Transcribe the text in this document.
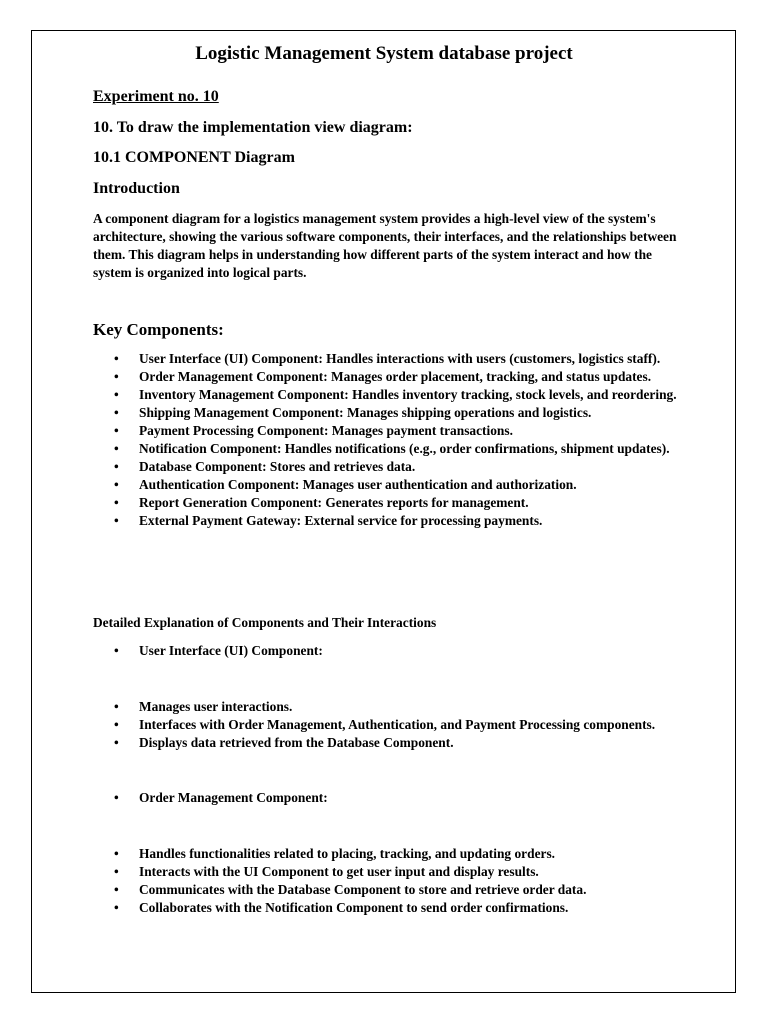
Logistic Management System database project
Experiment no. 10
10. To draw the implementation view diagram:
10.1 COMPONENT Diagram
Introduction

A component diagram for a logistics management system provides a high-level view of the system's architecture, showing the various software components, their interfaces, and the relationships between them. This diagram helps in understanding how different parts of the system interact and how the system is organized into logical parts.

Key Components:
• User Interface (UI) Component: Handles interactions with users (customers, logistics staff).
• Order Management Component: Manages order placement, tracking, and status updates.
• Inventory Management Component: Handles inventory tracking, stock levels, and reordering.
• Shipping Management Component: Manages shipping operations and logistics.
• Payment Processing Component: Manages payment transactions.
• Notification Component: Handles notifications (e.g., order confirmations, shipment updates).
• Database Component: Stores and retrieves data.
• Authentication Component: Manages user authentication and authorization.
• Report Generation Component: Generates reports for management.
• External Payment Gateway: External service for processing payments.
Detailed Explanation of Components and Their Interactions
• User Interface (UI) Component:
• Manages user interactions.
• Interfaces with Order Management, Authentication, and Payment Processing components.
• Displays data retrieved from the Database Component.
• Order Management Component:
• Handles functionalities related to placing, tracking, and updating orders.
• Interacts with the UI Component to get user input and display results.
• Communicates with the Database Component to store and retrieve order data.
• Collaborates with the Notification Component to send order confirmations.
